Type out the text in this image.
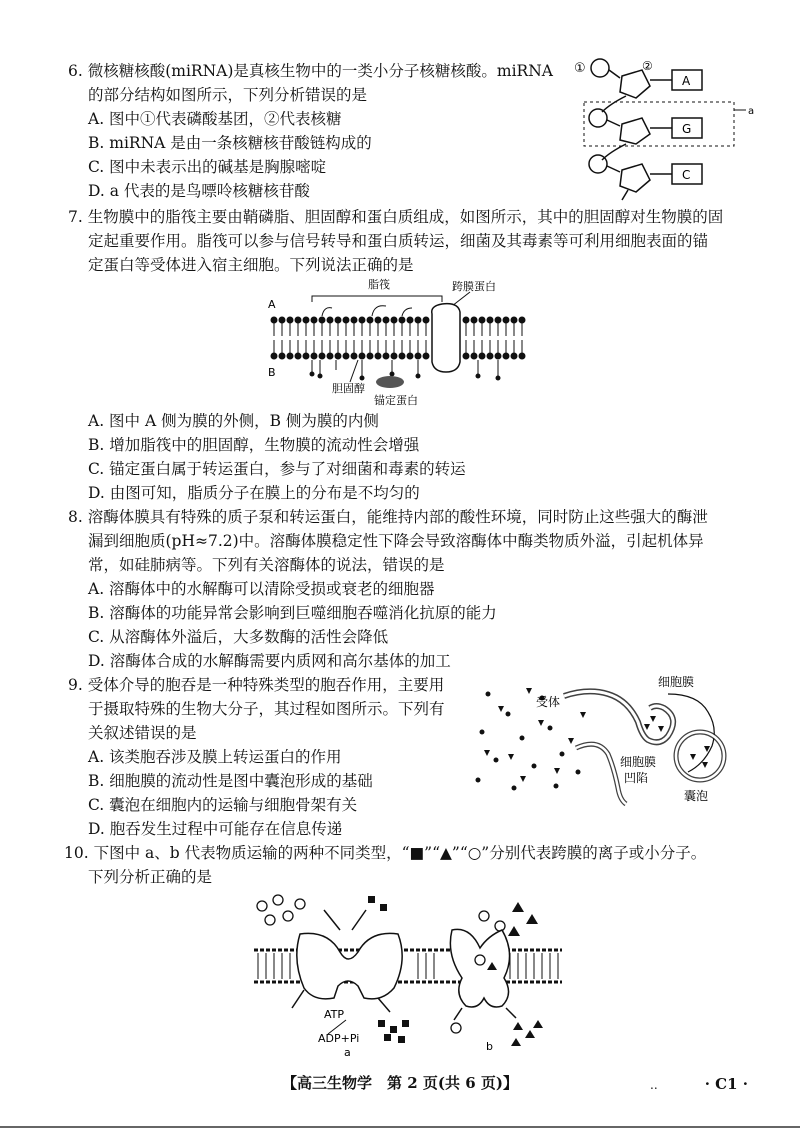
6. 微核糖核酸(miRNA)是真核生物中的一类小分子核糖核酸。miRNA
的部分结构如图所示，下列分析错误的是
A. 图中①代表磷酸基团，②代表核糖
B. miRNA 是由一条核糖核苷酸链构成的
C. 图中未表示出的碱基是胸腺嘧啶
D. a 代表的是鸟嘌呤核糖核苷酸
①	②
A
G
a
C
7. 生物膜中的脂筏主要由鞘磷脂、胆固醇和蛋白质组成，如图所示，其中的胆固醇对生物膜的固
定起重要作用。脂筏可以参与信号转导和蛋白质转运，细菌及其毒素等可利用细胞表面的锚
定蛋白等受体进入宿主细胞。下列说法正确的是
脂筏	跨膜蛋白
A
B
胆固醇
锚定蛋白
A. 图中 A 侧为膜的外侧，B 侧为膜的内侧
B. 增加脂筏中的胆固醇，生物膜的流动性会增强
C. 锚定蛋白属于转运蛋白，参与了对细菌和毒素的转运
D. 由图可知，脂质分子在膜上的分布是不均匀的
8. 溶酶体膜具有特殊的质子泵和转运蛋白，能维持内部的酸性环境，同时防止这些强大的酶泄
漏到细胞质(pH≈7.2)中。溶酶体膜稳定性下降会导致溶酶体中酶类物质外溢，引起机体异
常，如硅肺病等。下列有关溶酶体的说法，错误的是
A. 溶酶体中的水解酶可以清除受损或衰老的细胞器
B. 溶酶体的功能异常会影响到巨噬细胞吞噬消化抗原的能力
C. 从溶酶体外溢后，大多数酶的活性会降低
D. 溶酶体合成的水解酶需要内质网和高尔基体的加工
9. 受体介导的胞吞是一种特殊类型的胞吞作用，主要用
于摄取特殊的生物大分子，其过程如图所示。下列有
关叙述错误的是
A. 该类胞吞涉及膜上转运蛋白的作用
B. 细胞膜的流动性是图中囊泡形成的基础
C. 囊泡在细胞内的运输与细胞骨架有关
D. 胞吞发生过程中可能存在信息传递
受体
细胞膜
细胞膜
凹陷
囊泡
10. 下图中 a、b 代表物质运输的两种不同类型，“■”“▲”“○”分别代表跨膜的离子或小分子。
下列分析正确的是
ATP
ADP+Pi
a	b
【高三生物学　第 2 页(共 6 页)】	..	· C1 ·
